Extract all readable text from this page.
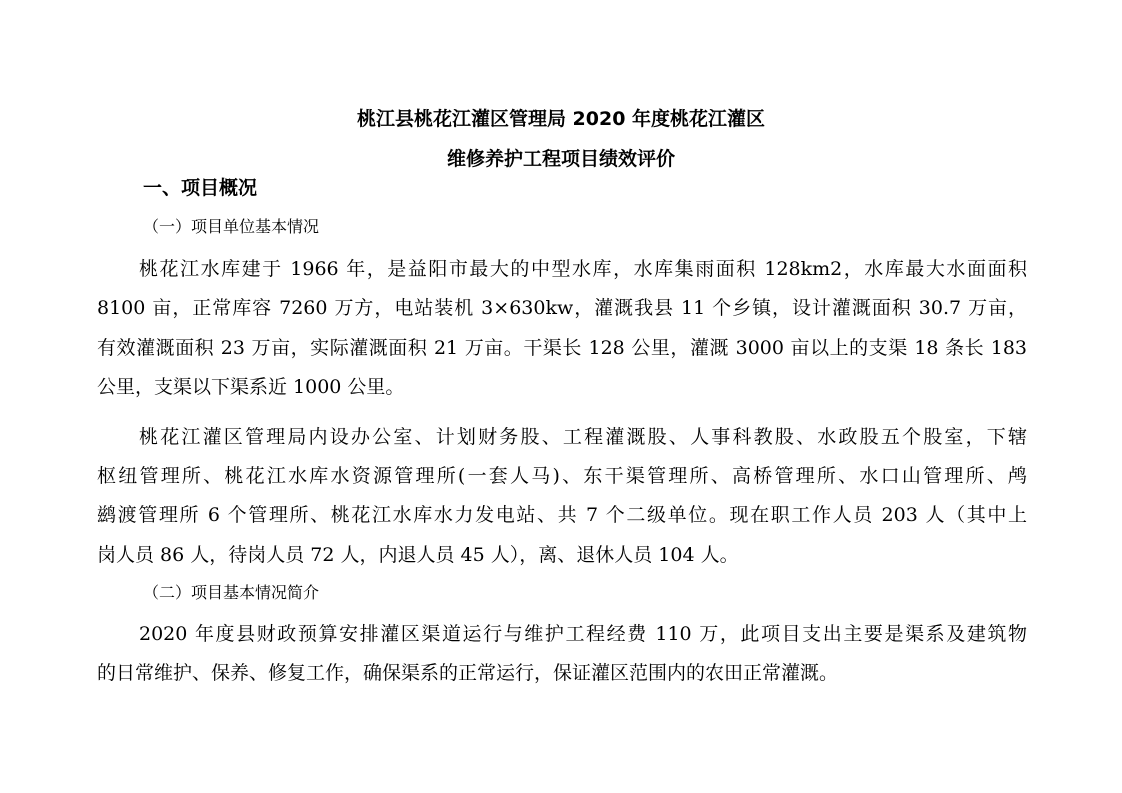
桃江县桃花江灌区管理局 2020 年度桃花江灌区
维修养护工程项目绩效评价
一、项目概况
（一）项目单位基本情况
桃花江水库建于 1966 年，是益阳市最大的中型水库，水库集雨面积 128km2，水库最大水面面积
8100 亩，正常库容 7260 万方，电站装机 3×630kw，灌溉我县 11 个乡镇，设计灌溉面积 30.7 万亩，
有效灌溉面积 23 万亩，实际灌溉面积 21 万亩。干渠长 128 公里，灌溉 3000 亩以上的支渠 18 条长 183
公里，支渠以下渠系近 1000 公里。
桃花江灌区管理局内设办公室、计划财务股、工程灌溉股、人事科教股、水政股五个股室，下辖
枢纽管理所、桃花江水库水资源管理所(一套人马)、东干渠管理所、高桥管理所、水口山管理所、鸬
鹚渡管理所 6 个管理所、桃花江水库水力发电站、共 7 个二级单位。现在职工作人员 203 人（其中上
岗人员 86 人，待岗人员 72 人，内退人员 45 人），离、退休人员 104 人。
（二）项目基本情况简介
2020 年度县财政预算安排灌区渠道运行与维护工程经费 110 万，此项目支出主要是渠系及建筑物
的日常维护、保养、修复工作，确保渠系的正常运行，保证灌区范围内的农田正常灌溉。
